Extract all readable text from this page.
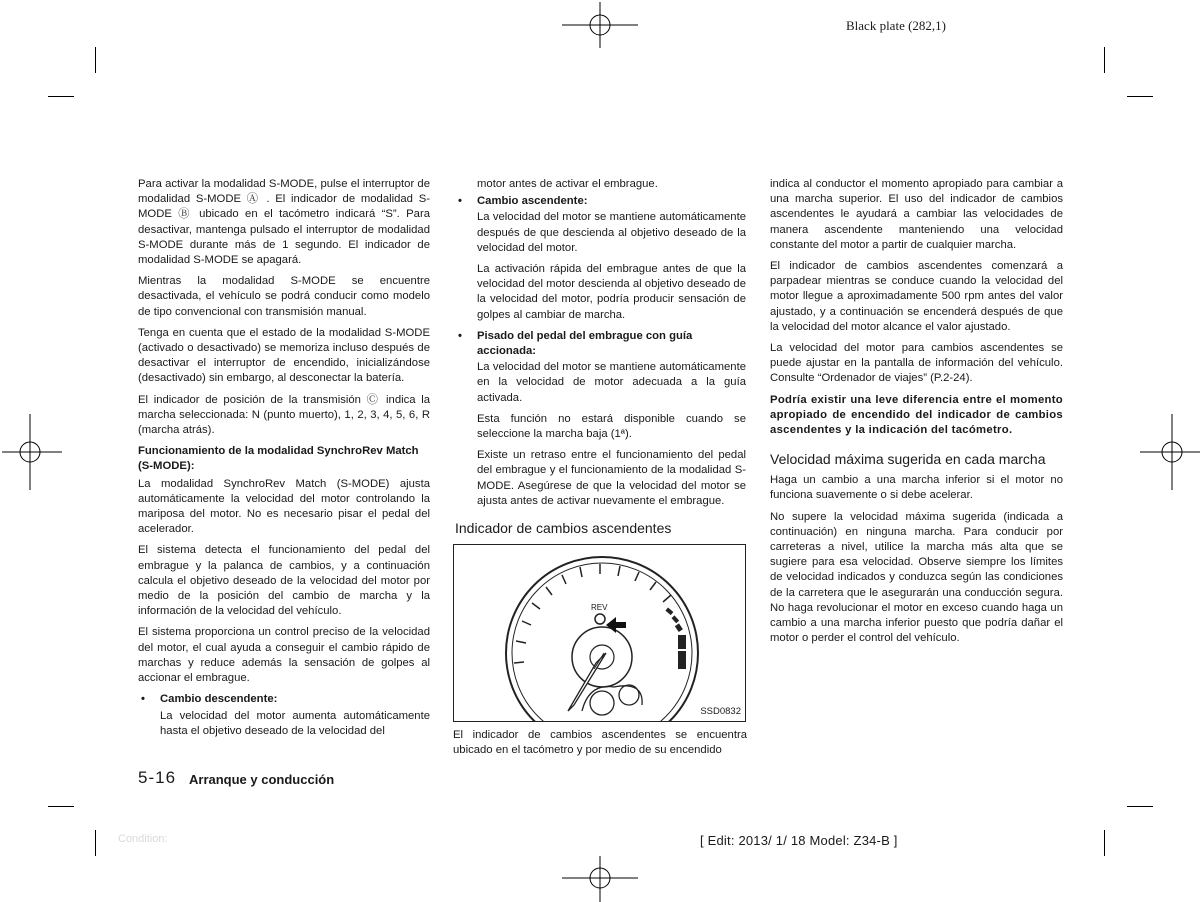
Black plate (282,1)

Para activar la modalidad S-MODE, pulse el interruptor de modalidad S-MODE Ⓐ . El indicador de modalidad S-MODE Ⓑ ubicado en el tacómetro indicará “S”. Para desactivar, mantenga pulsado el interruptor de modalidad S-MODE durante más de 1 segundo. El indicador de modalidad S-MODE se apagará.

Mientras la modalidad S-MODE se encuentre desactivada, el vehículo se podrá conducir como modelo de tipo convencional con transmisión manual.

Tenga en cuenta que el estado de la modalidad S-MODE (activado o desactivado) se memoriza incluso después de desactivar el interruptor de encendido, inicializándose (desactivado) sin embargo, al desconectar la batería.

El indicador de posición de la transmisión Ⓒ indica la marcha seleccionada: N (punto muerto), 1, 2, 3, 4, 5, 6, R (marcha atrás).

Funcionamiento de la modalidad SynchroRev Match (S-MODE):

La modalidad SynchroRev Match (S-MODE) ajusta automáticamente la velocidad del motor controlando la mariposa del motor. No es necesario pisar el pedal del acelerador.

El sistema detecta el funcionamiento del pedal del embrague y la palanca de cambios, y a continuación calcula el objetivo deseado de la velocidad del motor por medio de la posición del cambio de marcha y la información de la velocidad del vehículo.

El sistema proporciona un control preciso de la velocidad del motor, el cual ayuda a conseguir el cambio rápido de marchas y reduce además la sensación de golpes al accionar el embrague.

• Cambio descendente:

La velocidad del motor aumenta automáticamente hasta el objetivo deseado de la velocidad del

motor antes de activar el embrague.

• Cambio ascendente:

La velocidad del motor se mantiene automáticamente después de que descienda al objetivo deseado de la velocidad del motor.

La activación rápida del embrague antes de que la velocidad del motor descienda al objetivo deseado de la velocidad del motor, podría producir sensación de golpes al cambiar de marcha.

• Pisado del pedal del embrague con guía accionada:

La velocidad del motor se mantiene automáticamente en la velocidad de motor adecuada a la guía activada.

Esta función no estará disponible cuando se seleccione la marcha baja (1ª).

Existe un retraso entre el funcionamiento del pedal del embrague y el funcionamiento de la modalidad S-MODE. Asegúrese de que la velocidad del motor se ajusta antes de activar nuevamente el embrague.

Indicador de cambios ascendentes
REV
SSD0832
El indicador de cambios ascendentes se encuentra ubicado en el tacómetro y por medio de su encendido

indica al conductor el momento apropiado para cambiar a una marcha superior. El uso del indicador de cambios ascendentes le ayudará a cambiar las velocidades de manera ascendente manteniendo una velocidad constante del motor a partir de cualquier marcha.

El indicador de cambios ascendentes comenzará a parpadear mientras se conduce cuando la velocidad del motor llegue a aproximadamente 500 rpm antes del valor ajustado, y a continuación se encenderá después de que la velocidad del motor alcance el valor ajustado.

La velocidad del motor para cambios ascendentes se puede ajustar en la pantalla de información del vehículo. Consulte “Ordenador de viajes” (P.2-24).

Podría existir una leve diferencia entre el momento apropiado de encendido del indicador de cambios ascendentes y la indicación del tacómetro.

Velocidad máxima sugerida en cada marcha

Haga un cambio a una marcha inferior si el motor no funciona suavemente o si debe acelerar.

No supere la velocidad máxima sugerida (indicada a continuación) en ninguna marcha. Para conducir por carreteras a nivel, utilice la marcha más alta que se sugiere para esa velocidad. Observe siempre los límites de velocidad indicados y conduzca según las condiciones de la carretera que le asegurarán una conducción segura. No haga revolucionar el motor en exceso cuando haga un cambio a una marcha inferior puesto que podría dañar el motor o perder el control del vehículo.

5-16 Arranque y conducción
Condition:	[ Edit: 2013/ 1/ 18 Model: Z34-B ]
